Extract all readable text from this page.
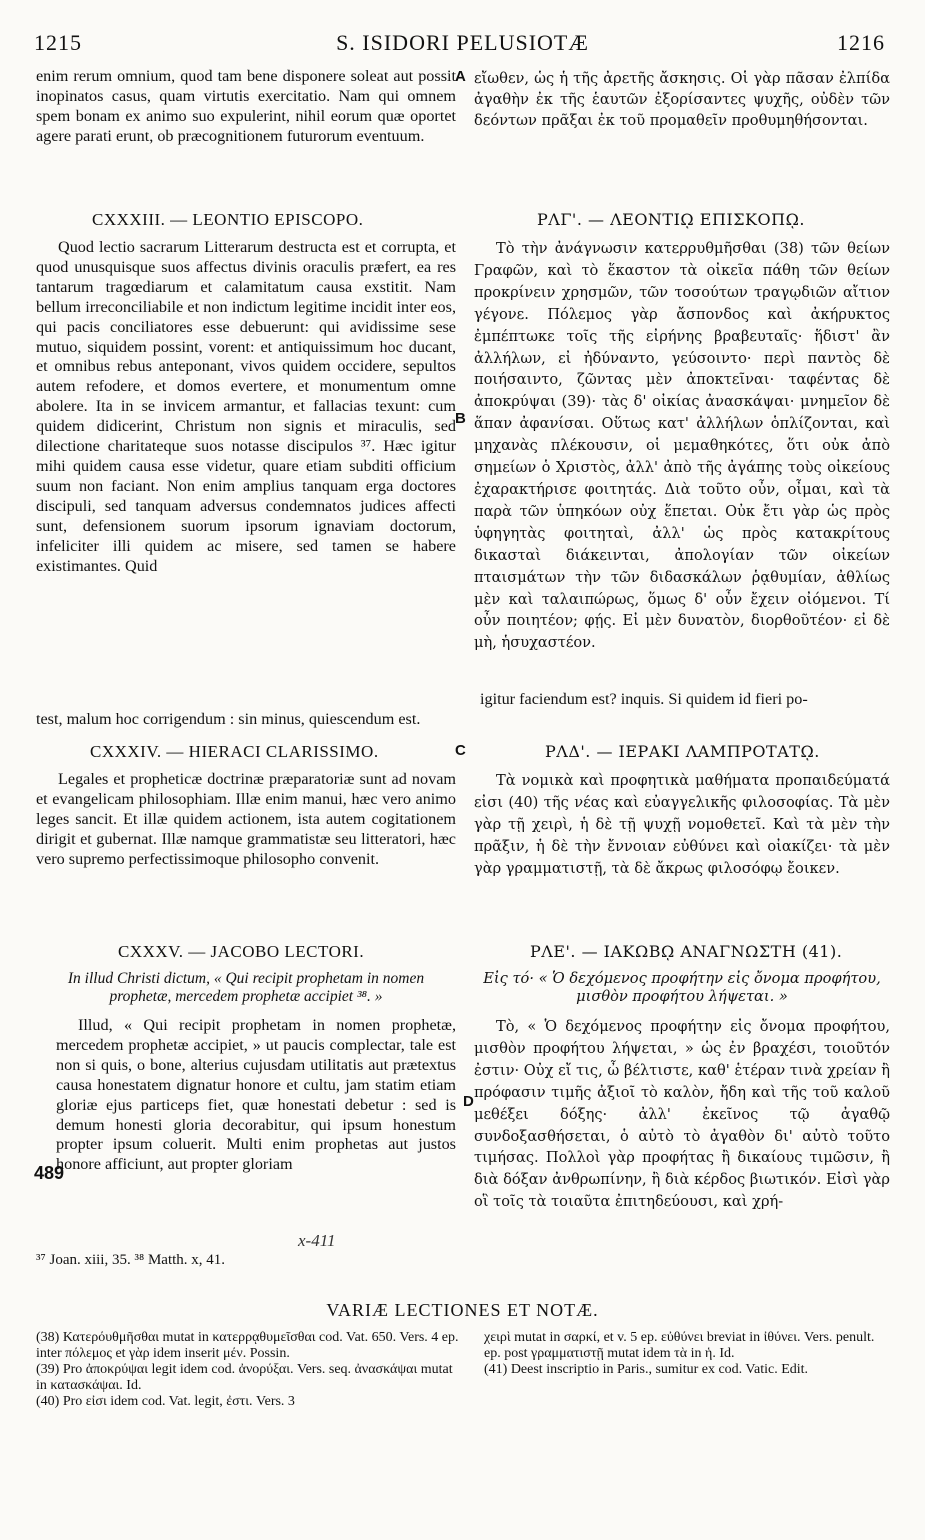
1215	S. ISIDORI PELUSIOTÆ	1216
A
B
C
D
enim rerum omnium, quod tam bene disponere soleat aut possit inopinatos casus, quam virtutis exercitatio. Nam qui omnem spem bonam ex animo suo expulerint, nihil eorum quæ oportet agere parati erunt, ob præcognitionem futurorum eventuum.
εἴωθεν, ὡς ἡ τῆς ἀρετῆς ἄσκησις. Οἱ γὰρ πᾶσαν ἐλπίδα ἀγαθὴν ἐκ τῆς ἑαυτῶν ἐξορίσαντες ψυχῆς, οὐδὲν τῶν δεόντων πρᾶξαι ἐκ τοῦ προμαθεῖν προθυμηθήσονται.
CXXXIII. — LEONTIO EPISCOPO.	ΡΛΓ'. — ΛΕΟΝΤΙῼ ΕΠΙΣΚΟΠῼ.

Quod lectio sacrarum Litterarum destructa est et corrupta, et quod unusquisque suos affectus divinis oraculis præfert, ea res tantarum tragœdiarum et calamitatum causa exstitit. Nam bellum irreconciliabile et non indictum legitime incidit inter eos, qui pacis conciliatores esse debuerunt: qui avidissime sese mutuo, siquidem possint, vorent: et antiquissimum hoc ducant, et omnibus rebus anteponant, vivos quidem occidere, sepultos autem refodere, et domos evertere, et monumentum omne abolere. Ita in se invicem armantur, et fallacias texunt: cum quidem didicerint, Christum non signis et miraculis, sed dilectione charitateque suos notasse discipulos ³⁷. Hæc igitur mihi quidem causa esse videtur, quare etiam subditi officium suum non faciant. Non enim amplius tanquam erga doctores discipuli, sed tanquam adversus condemnatos judices affecti sunt, defensionem suorum ipsorum ignaviam doctorum, infeliciter illi quidem ac misere, sed tamen se habere existimantes. Quid

Τὸ τὴν ἀνάγνωσιν κατερρυθμῆσθαι (38) τῶν θείων Γραφῶν, καὶ τὸ ἕκαστον τὰ οἰκεῖα πάθη τῶν θείων προκρίνειν χρησμῶν, τῶν τοσούτων τραγῳδιῶν αἴτιον γέγονε. Πόλεμος γὰρ ἄσπονδος καὶ ἀκήρυκτος ἐμπέπτωκε τοῖς τῆς εἰρήνης βραβευταῖς· ἥδιστ' ἂν ἀλλήλων, εἰ ἠδύναντο, γεύσοιντο· περὶ παντὸς δὲ ποιήσαιντο, ζῶντας μὲν ἀποκτεῖναι· ταφέντας δὲ ἀποκρύψαι (39)· τὰς δ' οἰκίας ἀνασκάψαι· μνημεῖον δὲ ἅπαν ἀφανίσαι. Οὕτως κατ' ἀλλήλων ὁπλίζονται, καὶ μηχανὰς πλέκουσιν, οἱ μεμαθηκότες, ὅτι οὐκ ἀπὸ σημείων ὁ Χριστὸς, ἀλλ' ἀπὸ τῆς ἀγάπης τοὺς οἰκείους ἐχαρακτήρισε φοιτητάς. Διὰ τοῦτο οὖν, οἶμαι, καὶ τὰ παρὰ τῶν ὑπηκόων οὐχ ἕπεται. Οὐκ ἔτι γὰρ ὡς πρὸς ὑφηγητὰς φοιτηταὶ, ἀλλ' ὡς πρὸς κατακρίτους δικασταὶ διάκεινται, ἀπολογίαν τῶν οἰκείων πταισμάτων τὴν τῶν διδασκάλων ῥᾳθυμίαν, ἀθλίως μὲν καὶ ταλαιπώρως, ὅμως δ' οὖν ἔχειν οἰόμενοι. Τί οὖν ποιητέον; φῄς. Εἰ μὲν δυνατὸν, διορθοῦτέον· εἰ δὲ μὴ, ἡσυχαστέον.

igitur faciendum est? inquis. Si quidem id fieri po-
test, malum hoc corrigendum : sin minus, quiescendum est.
CXXXIV. — HIERACI CLARISSIMO.	ΡΛΔ'. — ΙΕΡΑΚΙ ΛΑΜΠΡΟΤΑΤῼ.

Legales et propheticæ doctrinæ præparatoriæ sunt ad novam et evangelicam philosophiam. Illæ enim manui, hæc vero animo leges sancit. Et illæ quidem actionem, ista autem cogitationem dirigit et gubernat. Illæ namque grammatistæ seu litteratori, hæc vero supremo perfectissimoque philosopho convenit.

Τὰ νομικὰ καὶ προφητικὰ μαθήματα προπαιδεύματά εἰσι (40) τῆς νέας καὶ εὐαγγελικῆς φιλοσοφίας. Τὰ μὲν γὰρ τῇ χειρὶ, ἡ δὲ τῇ ψυχῇ νομοθετεῖ. Καὶ τὰ μὲν τὴν πρᾶξιν, ἡ δὲ τὴν ἔννοιαν εὐθύνει καὶ οἰακίζει· τὰ μὲν γὰρ γραμματιστῇ, τὰ δὲ ἄκρως φιλοσόφῳ ἔοικεν.

CXXXV. — JACOBO LECTORI.	ΡΛΕ'. — ΙΑΚΩΒῼ ΑΝΑΓΝΩΣΤΗ (41).
In illud Christi dictum, « Qui recipit prophetam in nomen prophetæ, mercedem prophetæ accipiet ³⁸. »
Εἰς τό· « Ὁ δεχόμενος προφήτην εἰς ὄνομα προφήτου, μισθὸν προφήτου λήψεται. »

Illud, « Qui recipit prophetam in nomen prophetæ, mercedem prophetæ accipiet, » ut paucis complectar, tale est non si quis, o bone, alterius cujusdam utilitatis aut prætextus causa honestatem dignatur honore et cultu, jam statim etiam gloriæ ejus particeps fiet, quæ honestati debetur : sed is demum honesti gloria decorabitur, qui ipsum honestum propter ipsum coluerit. Multi enim prophetas aut justos honore afficiunt, aut propter gloriam

Τὸ, « Ὁ δεχόμενος προφήτην εἰς ὄνομα προφήτου, μισθὸν προφήτου λήψεται, » ὡς ἐν βραχέσι, τοιοῦτόν ἐστιν· Οὐχ εἴ τις, ὦ βέλτιστε, καθ' ἑτέραν τινὰ χρείαν ἢ πρόφασιν τιμῆς ἀξιοῖ τὸ καλὸν, ἤδη καὶ τῆς τοῦ καλοῦ μεθέξει δόξης· ἀλλ' ἐκεῖνος τῷ ἀγαθῷ συνδοξασθήσεται, ὁ αὐτὸ τὸ ἀγαθὸν δι' αὐτὸ τοῦτο τιμήσας. Πολλοὶ γὰρ προφήτας ἢ δικαίους τιμῶσιν, ἢ διὰ δόξαν ἀνθρωπίνην, ἢ διὰ κέρδος βιωτικόν. Εἰσὶ γὰρ οἳ τοῖς τὰ τοιαῦτα ἐπιτηδεύουσι, καὶ χρή-

489
x-411
³⁷ Joan. xiii, 35. ³⁸ Matth. x, 41.
VARIÆ LECTIONES ET NOTÆ.

(38) Κατερόυθμῆσθαι mutat in κατερρᾳθυμεῖσθαι cod. Vat. 650. Vers. 4 ep. inter πόλεμος et γὰρ idem inserit μέν. Possin.

(39) Pro ἀποκρύψαι legit idem cod. ἀνορύξαι. Vers. seq. ἀνασκάψαι mutat in κατασκάψαι. Id.

(40) Pro εἰσι idem cod. Vat. legit, ἐστι. Vers. 3

χειρὶ mutat in σαρκί, et v. 5 ep. εὐθύνει breviat in ἰθύνει. Vers. penult. ep. post γραμματιστῇ mutat idem τὰ in ἡ. Id.

(41) Deest inscriptio in Paris., sumitur ex cod. Vatic. Edit.
